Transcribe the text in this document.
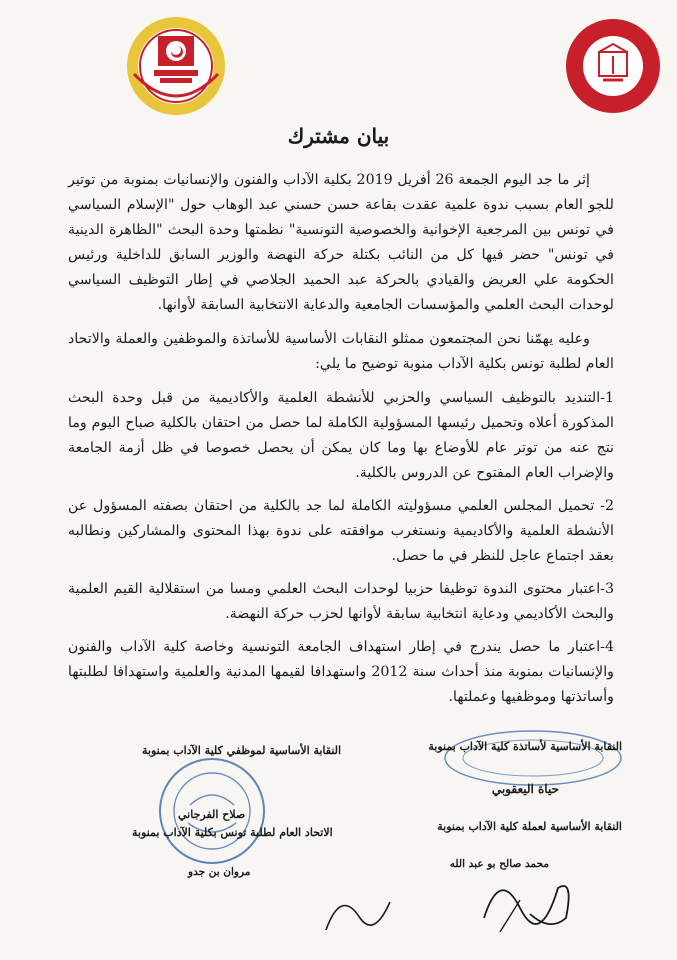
بيان مشترك

إثر ما جد اليوم الجمعة 26 أفريل 2019 بكلية الآداب والفنون والإنسانيات بمنوبة من توتير للجو العام بسبب ندوة علمية عقدت بقاعة حسن حسني عبد الوهاب حول "الإسلام السياسي في تونس بين المرجعية الإخوانية والخصوصية التونسية" نظمتها وحدة البحث "الظاهرة الدينية في تونس" حضر فيها كل من النائب بكتلة حركة النهضة والوزير السابق للداخلية ورئيس الحكومة علي العريض والقيادي بالحركة عبد الحميد الجلاصي في إطار التوظيف السياسي لوحدات البحث العلمي والمؤسسات الجامعية والدعاية الانتخابية السابقة لأوانها.

وعليه يهمّنا نحن المجتمعون ممثلو النقابات الأساسية للأساتذة والموظفين والعملة والاتحاد العام لطلبة تونس بكلية الآداب منوبة توضيح ما يلي:

1-التنديد بالتوظيف السياسي والحزبي للأنشطة العلمية والأكاديمية من قبل وحدة البحث المذكورة أعلاه وتحميل رئيسها المسؤولية الكاملة لما حصل من احتقان بالكلية صباح اليوم وما نتج عنه من توتر عام للأوضاع بها وما كان يمكن أن يحصل خصوصا في ظل أزمة الجامعة والإضراب العام المفتوح عن الدروس بالكلية.

2- تحميل المجلس العلمي مسؤوليته الكاملة لما جد بالكلية من احتقان بصفته المسؤول عن الأنشطة العلمية والأكاديمية ونستغرب موافقته على ندوة بهذا المحتوى والمشاركين ونطالبه بعقد اجتماع عاجل للنظر في ما حصل.

3-اعتبار محتوى الندوة توظيفا حزبيا لوحدات البحث العلمي ومسا من استقلالية القيم العلمية والبحث الأكاديمي ودعاية انتخابية سابقة لأوانها لحزب حركة النهضة.

4-اعتبار ما حصل يندرج في إطار استهداف الجامعة التونسية وخاصة كلية الآداب والفنون والإنسانيات بمنوبة منذ أحداث سنة 2012 واستهدافا لقيمها المدنية والعلمية واستهدافا لطلبتها وأساتذتها وموظفيها وعملتها.

النقابة الأساسية لأساتذة كلية الآداب بمنوبة
النقابة الأساسية لموظفي كلية الآداب بمنوبة
حياة اليعقوبي
صلاح الفرجاني
النقابة الأساسية لعملة كلية الآداب بمنوبة
الاتحاد العام لطلبة تونس بكلية الآداب بمنوبة
محمد صالح بو عبد الله
مروان بن جدو
